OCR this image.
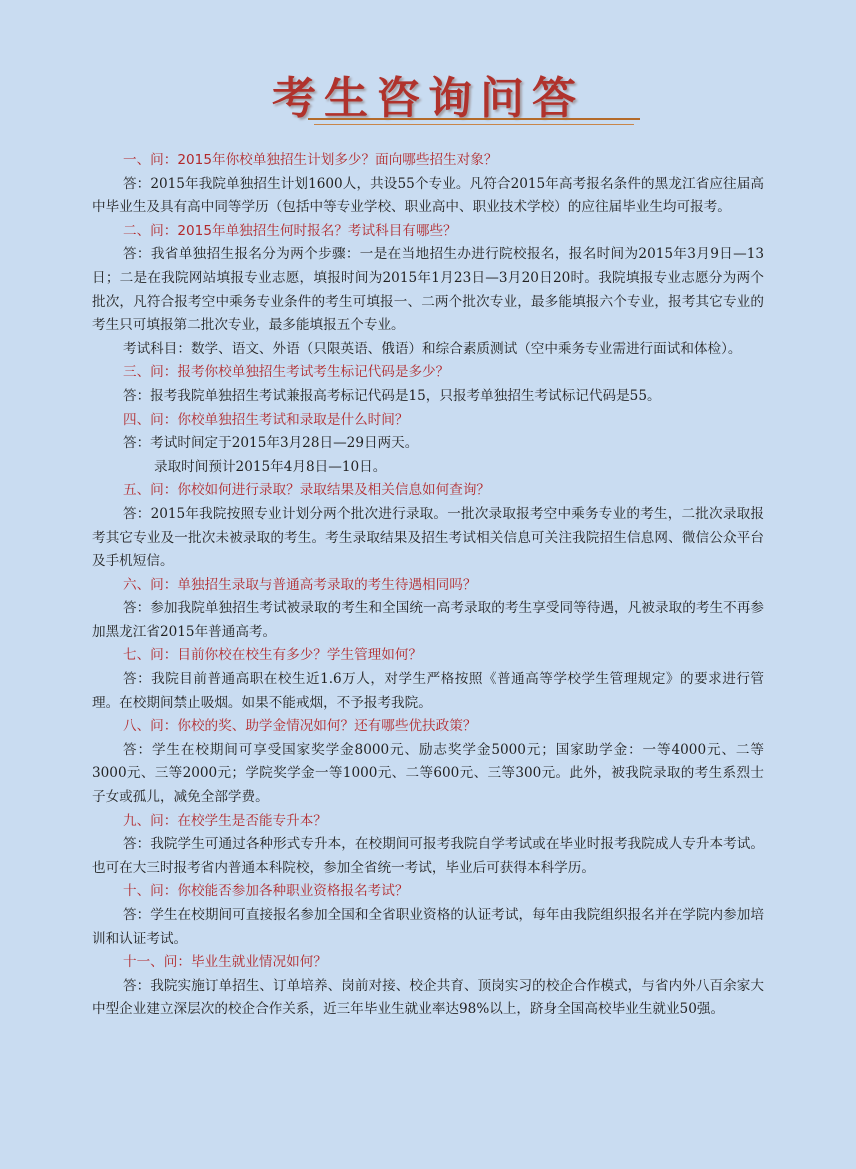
考生咨询问答

一、问：2015年你校单独招生计划多少？面向哪些招生对象？

答：2015年我院单独招生计划1600人，共设55个专业。凡符合2015年高考报名条件的黑龙江省应往届高中毕业生及具有高中同等学历（包括中等专业学校、职业高中、职业技术学校）的应往届毕业生均可报考。

二、问：2015年单独招生何时报名？考试科目有哪些？

答：我省单独招生报名分为两个步骤：一是在当地招生办进行院校报名，报名时间为2015年3月9日—13日；二是在我院网站填报专业志愿，填报时间为2015年1月23日—3月20日20时。我院填报专业志愿分为两个批次，凡符合报考空中乘务专业条件的考生可填报一、二两个批次专业，最多能填报六个专业，报考其它专业的考生只可填报第二批次专业，最多能填报五个专业。

考试科目：数学、语文、外语（只限英语、俄语）和综合素质测试（空中乘务专业需进行面试和体检）。

三、问：报考你校单独招生考试考生标记代码是多少？

答：报考我院单独招生考试兼报高考标记代码是15，只报考单独招生考试标记代码是55。

四、问：你校单独招生考试和录取是什么时间？

答：考试时间定于2015年3月28日—29日两天。

录取时间预计2015年4月8日—10日。

五、问：你校如何进行录取？录取结果及相关信息如何查询？

答：2015年我院按照专业计划分两个批次进行录取。一批次录取报考空中乘务专业的考生，二批次录取报考其它专业及一批次未被录取的考生。考生录取结果及招生考试相关信息可关注我院招生信息网、微信公众平台及手机短信。

六、问：单独招生录取与普通高考录取的考生待遇相同吗？

答：参加我院单独招生考试被录取的考生和全国统一高考录取的考生享受同等待遇，凡被录取的考生不再参加黑龙江省2015年普通高考。

七、问：目前你校在校生有多少？学生管理如何？

答：我院目前普通高职在校生近1.6万人，对学生严格按照《普通高等学校学生管理规定》的要求进行管理。在校期间禁止吸烟。如果不能戒烟，不予报考我院。

八、问：你校的奖、助学金情况如何？还有哪些优扶政策？

答：学生在校期间可享受国家奖学金8000元、励志奖学金5000元；国家助学金：一等4000元、二等3000元、三等2000元；学院奖学金一等1000元、二等600元、三等300元。此外，被我院录取的考生系烈士子女或孤儿，减免全部学费。

九、问：在校学生是否能专升本？

答：我院学生可通过各种形式专升本，在校期间可报考我院自学考试或在毕业时报考我院成人专升本考试。也可在大三时报考省内普通本科院校，参加全省统一考试，毕业后可获得本科学历。

十、问：你校能否参加各种职业资格报名考试？

答：学生在校期间可直接报名参加全国和全省职业资格的认证考试，每年由我院组织报名并在学院内参加培训和认证考试。

十一、问：毕业生就业情况如何？

答：我院实施订单招生、订单培养、岗前对接、校企共育、顶岗实习的校企合作模式，与省内外八百余家大中型企业建立深层次的校企合作关系，近三年毕业生就业率达98%以上，跻身全国高校毕业生就业50强。
